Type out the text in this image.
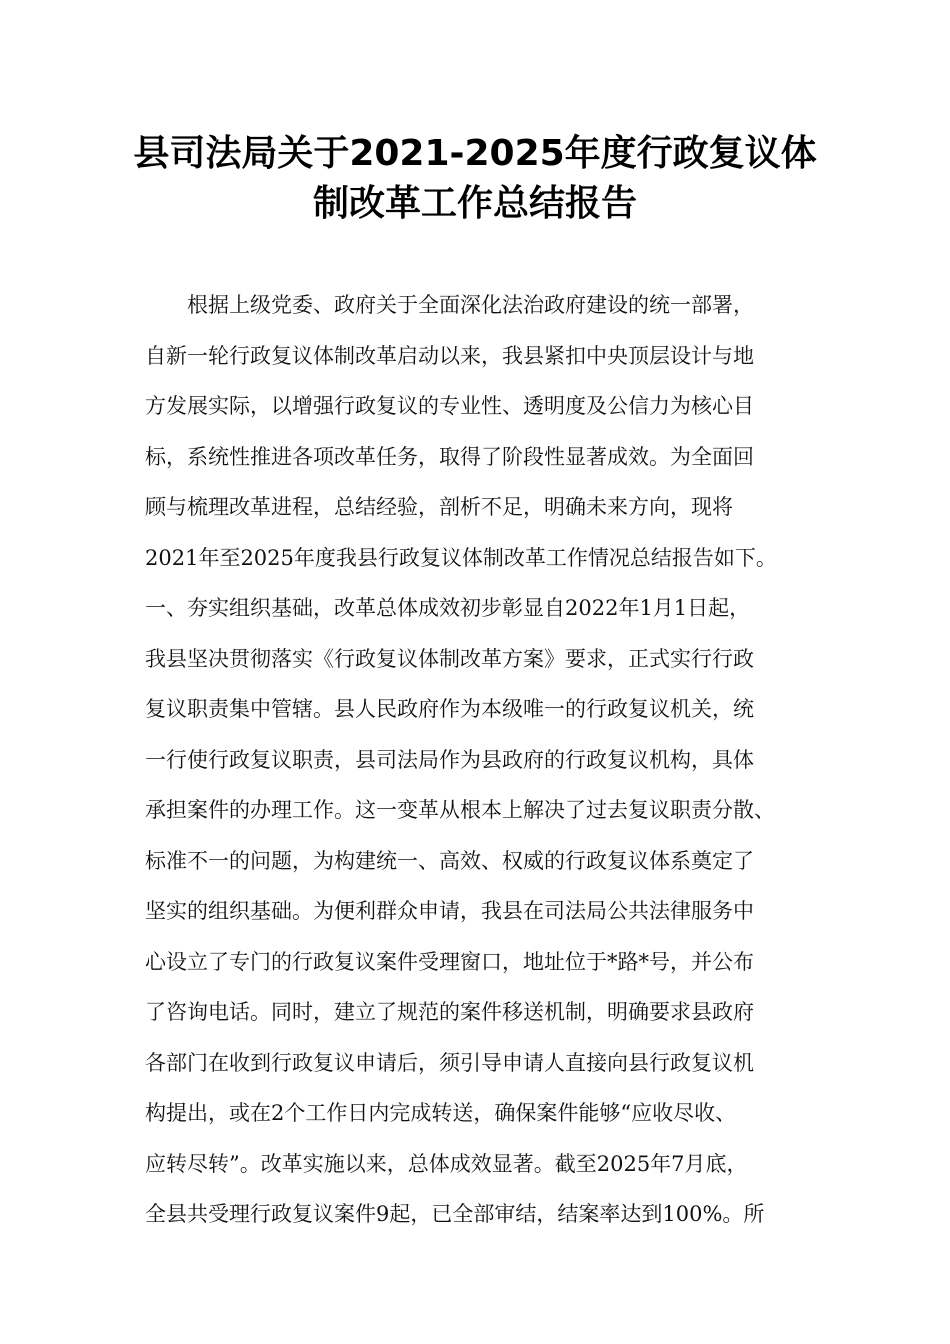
县司法局关于2021-2025年度行政复议体
制改革工作总结报告
根据上级党委、政府关于全面深化法治政府建设的统一部署，
自新一轮行政复议体制改革启动以来，我县紧扣中央顶层设计与地
方发展实际，以增强行政复议的专业性、透明度及公信力为核心目
标，系统性推进各项改革任务，取得了阶段性显著成效。为全面回
顾与梳理改革进程，总结经验，剖析不足，明确未来方向，现将
2021年至2025年度我县行政复议体制改革工作情况总结报告如下。
一、夯实组织基础，改革总体成效初步彰显自2022年1月1日起，
我县坚决贯彻落实《行政复议体制改革方案》要求，正式实行行政
复议职责集中管辖。县人民政府作为本级唯一的行政复议机关，统
一行使行政复议职责，县司法局作为县政府的行政复议机构，具体
承担案件的办理工作。这一变革从根本上解决了过去复议职责分散、
标准不一的问题，为构建统一、高效、权威的行政复议体系奠定了
坚实的组织基础。为便利群众申请，我县在司法局公共法律服务中
心设立了专门的行政复议案件受理窗口，地址位于*路*号，并公布
了咨询电话。同时，建立了规范的案件移送机制，明确要求县政府
各部门在收到行政复议申请后，须引导申请人直接向县行政复议机
构提出，或在2个工作日内完成转送，确保案件能够“应收尽收、
应转尽转”。改革实施以来，总体成效显著。截至2025年7月底，
全县共受理行政复议案件9起，已全部审结，结案率达到100%。所
